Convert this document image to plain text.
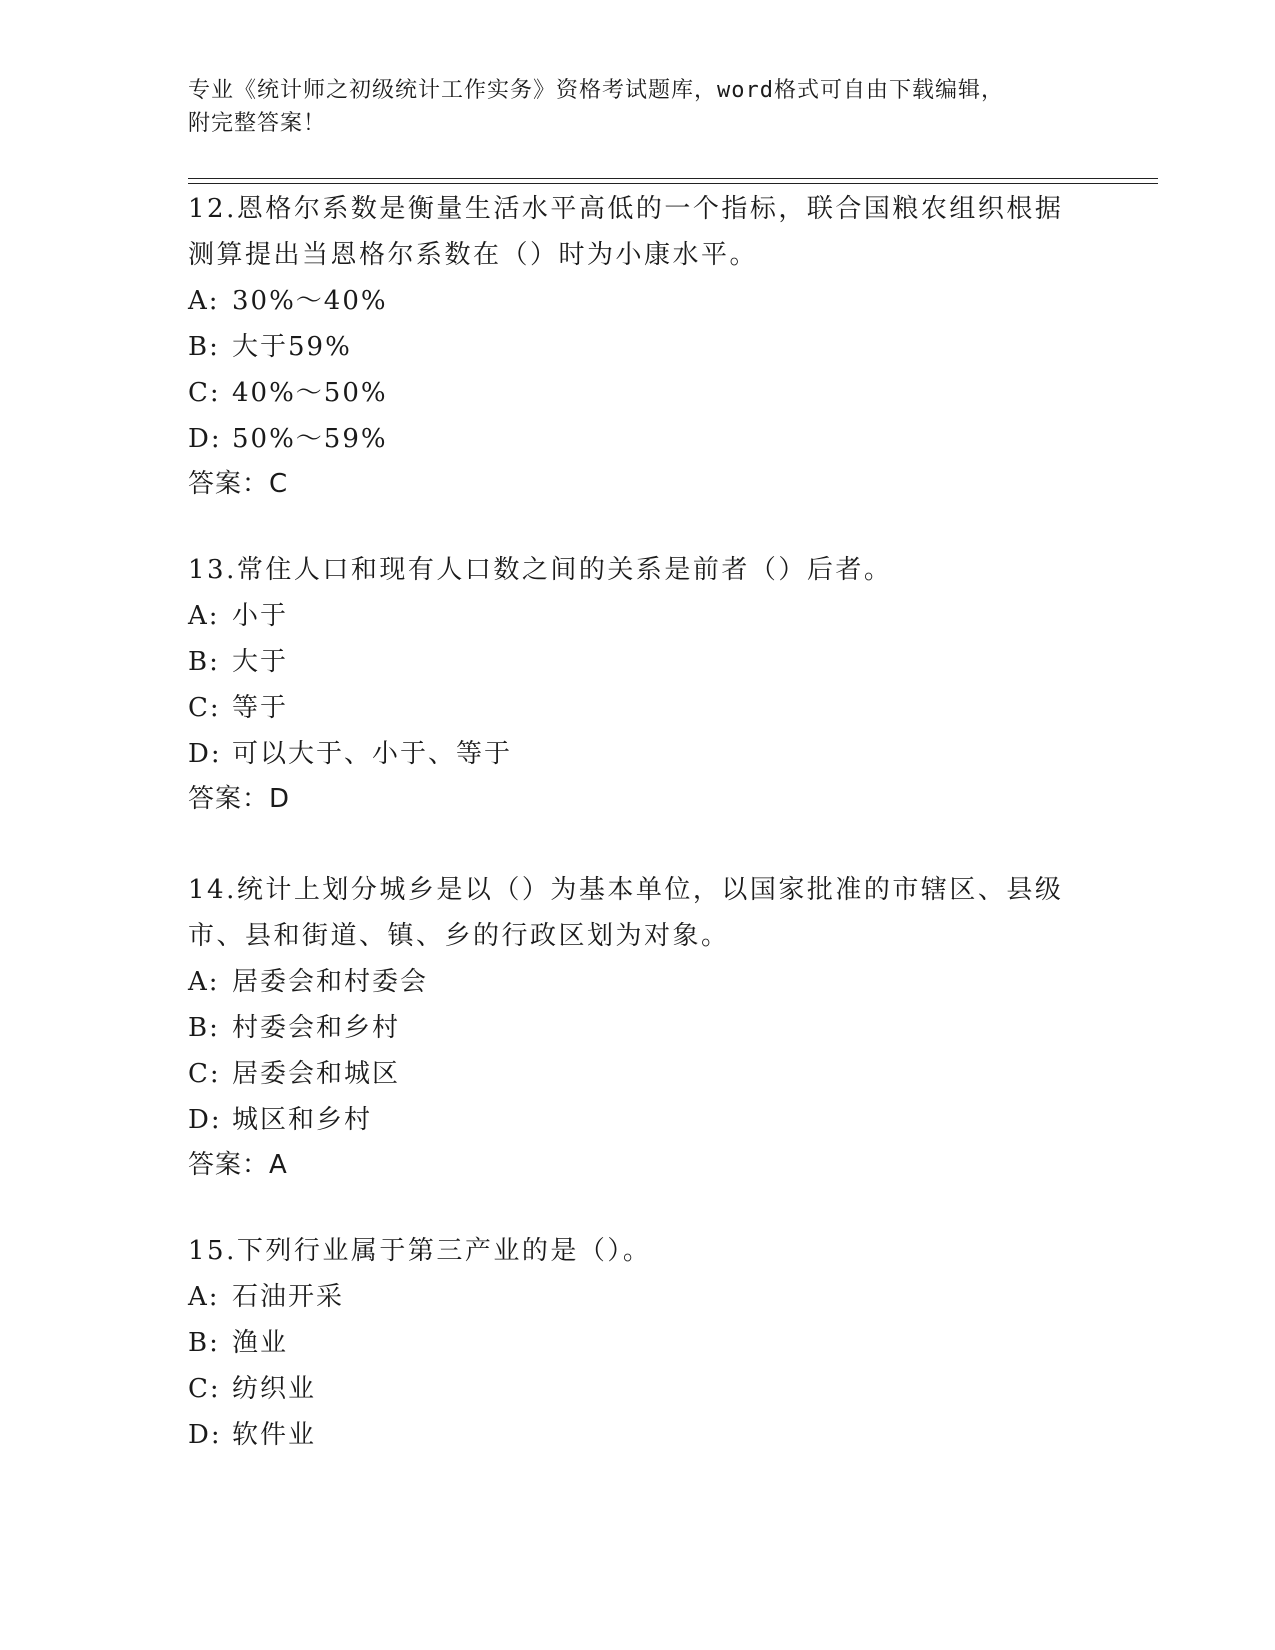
专业《统计师之初级统计工作实务》资格考试题库，word格式可自由下载编辑，
附完整答案！

12.恩格尔系数是衡量生活水平高低的一个指标，联合国粮农组织根据

测算提出当恩格尔系数在（）时为小康水平。

A: 30%～40%

B: 大于59%

C: 40%～50%

D: 50%～59%

答案：C

13.常住人口和现有人口数之间的关系是前者（）后者。

A: 小于

B: 大于

C: 等于

D: 可以大于、小于、等于

答案：D

14.统计上划分城乡是以（）为基本单位，以国家批准的市辖区、县级

市、县和街道、镇、乡的行政区划为对象。

A: 居委会和村委会

B: 村委会和乡村

C: 居委会和城区

D: 城区和乡村

答案：A

15.下列行业属于第三产业的是（）。

A: 石油开采

B: 渔业

C: 纺织业

D: 软件业
